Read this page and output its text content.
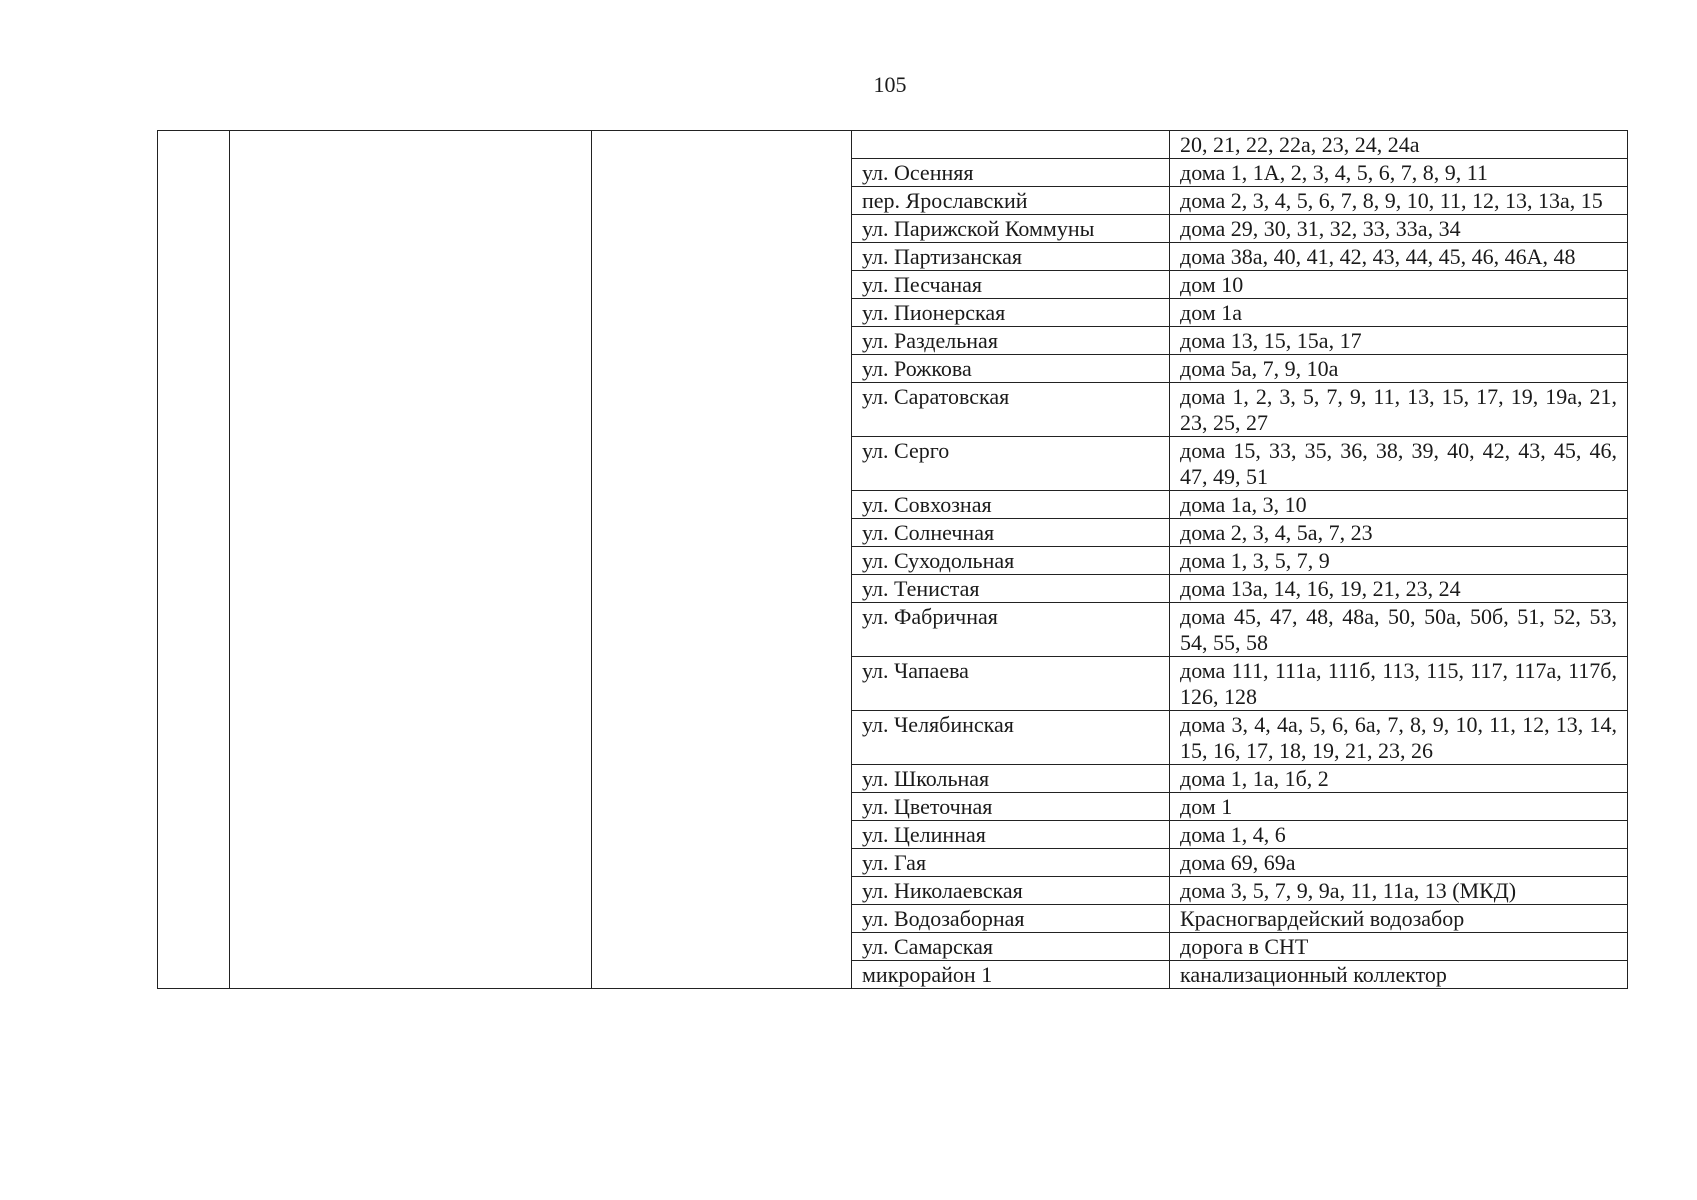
105
				20, 21, 22, 22а, 23, 24, 24а
			ул. Осенняя	дома 1, 1А, 2, 3, 4, 5, 6, 7, 8, 9, 11
			пер. Ярославский	дома 2, 3, 4, 5, 6, 7, 8, 9, 10, 11, 12, 13, 13а, 15
			ул. Парижской Коммуны	дома 29, 30, 31, 32, 33, 33а, 34
			ул. Партизанская	дома 38а, 40, 41, 42, 43, 44, 45, 46, 46А, 48
			ул. Песчаная	дом 10
			ул. Пионерская	дом 1а
			ул. Раздельная	дома 13, 15, 15а, 17
			ул. Рожкова	дома 5а, 7, 9, 10а
			ул. Саратовская	дома 1, 2, 3, 5, 7, 9, 11, 13, 15, 17, 19, 19а, 21, 23, 25, 27
			ул. Серго	дома 15, 33, 35, 36, 38, 39, 40, 42, 43, 45, 46, 47, 49, 51
			ул. Совхозная	дома 1а, 3, 10
			ул. Солнечная	дома 2, 3, 4, 5а, 7, 23
			ул. Суходольная	дома 1, 3, 5, 7, 9
			ул. Тенистая	дома 13а, 14, 16, 19, 21, 23, 24
			ул. Фабричная	дома 45, 47, 48, 48а, 50, 50а, 50б, 51, 52, 53, 54, 55, 58
			ул. Чапаева	дома 111, 111а, 111б, 113, 115, 117, 117а, 117б, 126, 128
			ул. Челябинская	дома 3, 4, 4а, 5, 6, 6а, 7, 8, 9, 10, 11, 12, 13, 14, 15, 16, 17, 18, 19, 21, 23, 26
			ул. Школьная	дома 1, 1а, 1б, 2
			ул. Цветочная	дом 1
			ул. Целинная	дома 1, 4, 6
			ул. Гая	дома 69, 69а
			ул. Николаевская	дома 3, 5, 7, 9, 9а, 11, 11а, 13 (МКД)
			ул. Водозаборная	Красногвардейский водозабор
			ул. Самарская	дорога в СНТ
			микрорайон 1	канализационный коллектор
